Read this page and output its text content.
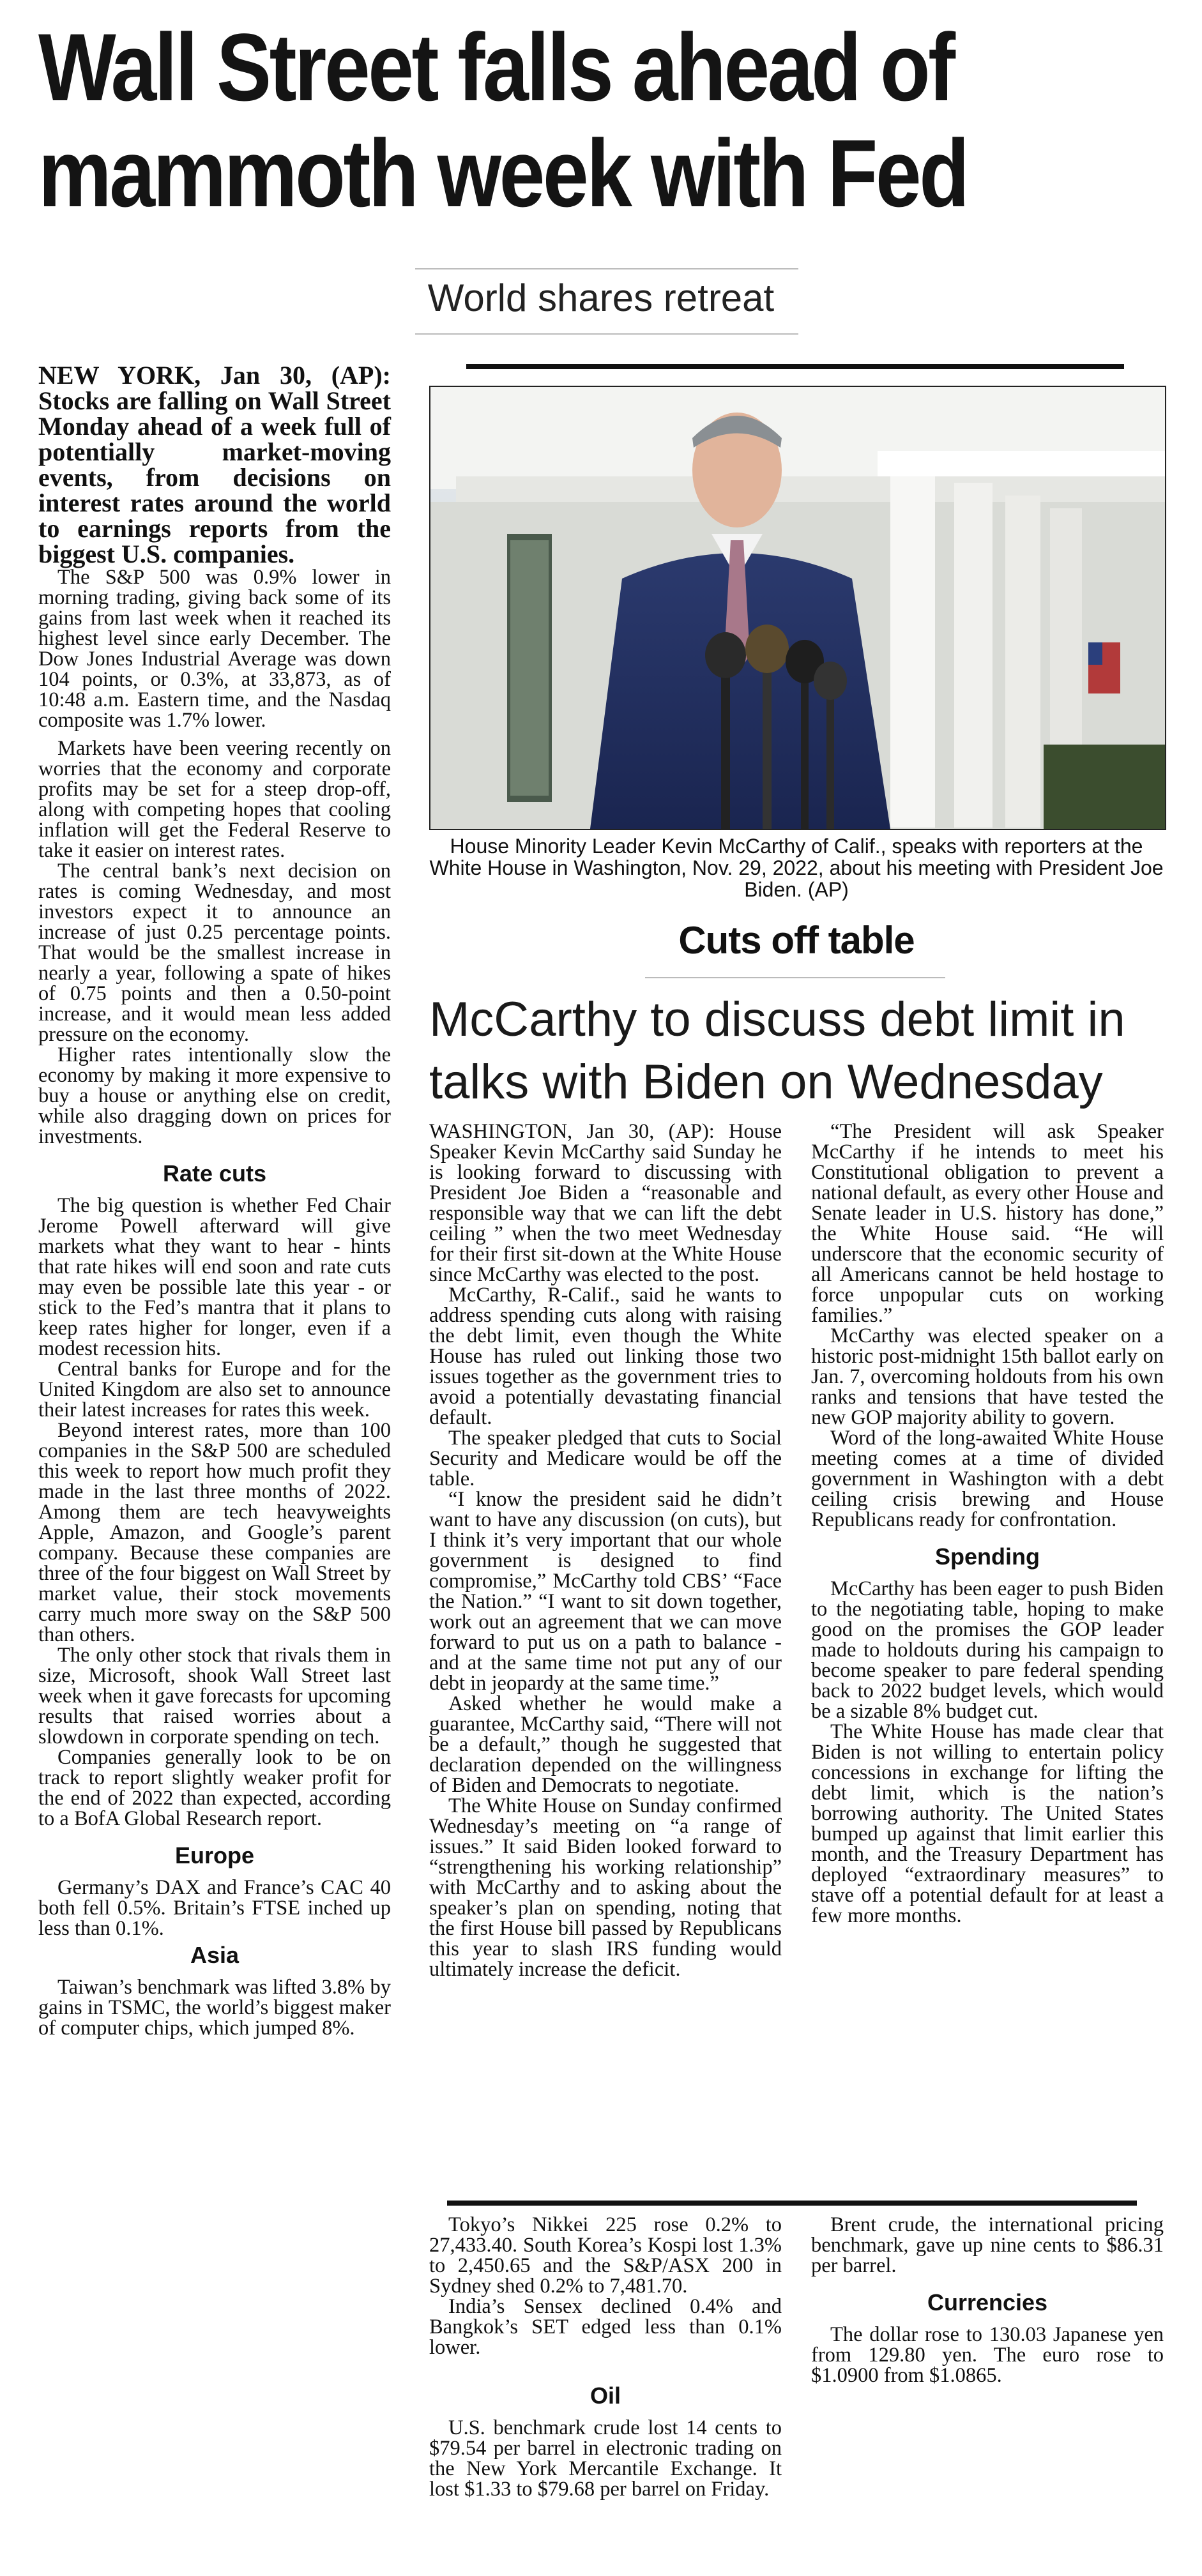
Wall Street falls ahead of
mammoth week with Fed
World shares retreat

NEW YORK, Jan 30, (AP): Stocks are falling on Wall Street Monday ahead of a week full of potentially market-moving events, from decisions on interest rates around the world to earnings reports from the biggest U.S. companies.

The S&P 500 was 0.9% lower in morning trading, giving back some of its gains from last week when it reached its highest level since early December. The Dow Jones Industrial Average was down 104 points, or 0.3%, at 33,873, as of 10:48 a.m. Eastern time, and the Nasdaq composite was 1.7% lower.

Markets have been veering recently on worries that the economy and corporate profits may be set for a steep drop-off, along with competing hopes that cooling inflation will get the Federal Reserve to take it easier on interest rates.

The central bank’s next decision on rates is coming Wednesday, and most investors expect it to announce an increase of just 0.25 percentage points. That would be the smallest increase in nearly a year, following a spate of hikes of 0.75 points and then a 0.50-point increase, and it would mean less added pressure on the economy.

Higher rates intentionally slow the economy by making it more expensive to buy a house or anything else on credit, while also dragging down on prices for investments.

Rate cuts

The big question is whether Fed Chair Jerome Powell afterward will give markets what they want to hear - hints that rate hikes will end soon and rate cuts may even be possible late this year - or stick to the Fed’s mantra that it plans to keep rates higher for longer, even if a modest recession hits.

Central banks for Europe and for the United Kingdom are also set to announce their latest increases for rates this week.

Beyond interest rates, more than 100 companies in the S&P 500 are scheduled this week to report how much profit they made in the last three months of 2022. Among them are tech heavyweights Apple, Amazon, and Google’s parent company. Because these companies are three of the four biggest on Wall Street by market value, their stock movements carry much more sway on the S&P 500 than others.

The only other stock that rivals them in size, Microsoft, shook Wall Street last week when it gave forecasts for upcoming results that raised worries about a slowdown in corporate spending on tech.

Companies generally look to be on track to report slightly weaker profit for the end of 2022 than expected, according to a BofA Global Research report.

Europe

Germany’s DAX and France’s CAC 40 both fell 0.5%. Britain’s FTSE inched up less than 0.1%.

Asia

Taiwan’s benchmark was lifted 3.8% by gains in TSMC, the world’s biggest maker of computer chips, which jumped 8%.

House Minority Leader Kevin McCarthy of Calif., speaks with reporters at the White House in Washington, Nov. 29, 2022, about his meeting with President Joe Biden. (AP)
Cuts off table
McCarthy to discuss debt limit in
talks with Biden on Wednesday

WASHINGTON, Jan 30, (AP): House Speaker Kevin McCarthy said Sunday he is looking forward to discussing with President Joe Biden a “reasonable and responsible way that we can lift the debt ceiling ” when the two meet Wednesday for their first sit-down at the White House since McCarthy was elected to the post.

McCarthy, R-Calif., said he wants to address spending cuts along with raising the debt limit, even though the White House has ruled out linking those two issues together as the government tries to avoid a potentially devastating financial default.

The speaker pledged that cuts to Social Security and Medicare would be off the table.

“I know the president said he didn’t want to have any discussion (on cuts), but I think it’s very important that our whole government is designed to find compromise,” McCarthy told CBS’ “Face the Nation.” “I want to sit down together, work out an agreement that we can move forward to put us on a path to balance - and at the same time not put any of our debt in jeopardy at the same time.”

Asked whether he would make a guarantee, McCarthy said, “There will not be a default,” though he suggested that declaration depended on the willingness of Biden and Democrats to negotiate.

The White House on Sunday confirmed Wednesday’s meeting on “a range of issues.” It said Biden looked forward to “strengthening his working relationship” with McCarthy and to asking about the speaker’s plan on spending, noting that the first House bill passed by Republicans this year to slash IRS funding would ultimately increase the deficit.

“The President will ask Speaker McCarthy if he intends to meet his Constitutional obligation to prevent a national default, as every other House and Senate leader in U.S. history has done,” the White House said. “He will underscore that the economic security of all Americans cannot be held hostage to force unpopular cuts on working families.”

McCarthy was elected speaker on a historic post-midnight 15th ballot early on Jan. 7, overcoming holdouts from his own ranks and tensions that have tested the new GOP majority ability to govern.

Word of the long-awaited White House meeting comes at a time of divided government in Washington with a debt ceiling crisis brewing and House Republicans ready for confrontation.

Spending

McCarthy has been eager to push Biden to the negotiating table, hoping to make good on the promises the GOP leader made to holdouts during his campaign to become speaker to pare federal spending back to 2022 budget levels, which would be a sizable 8% budget cut.

The White House has made clear that Biden is not willing to entertain policy concessions in exchange for lifting the debt limit, which is the nation’s borrowing authority. The United States bumped up against that limit earlier this month, and the Treasury Department has deployed “extraordinary measures” to stave off a potential default for at least a few more months.

Tokyo’s Nikkei 225 rose 0.2% to 27,433.40. South Korea’s Kospi lost 1.3% to 2,450.65 and the S&P/ASX 200 in Sydney shed 0.2% to 7,481.70.

India’s Sensex declined 0.4% and Bangkok’s SET edged less than 0.1% lower.

Oil

U.S. benchmark crude lost 14 cents to $79.54 per barrel in electronic trading on the New York Mercantile Exchange. It lost $1.33 to $79.68 per barrel on Friday.

Brent crude, the international pricing benchmark, gave up nine cents to $86.31 per barrel.

Currencies

The dollar rose to 130.03 Japanese yen from 129.80 yen. The euro rose to $1.0900 from $1.0865.
